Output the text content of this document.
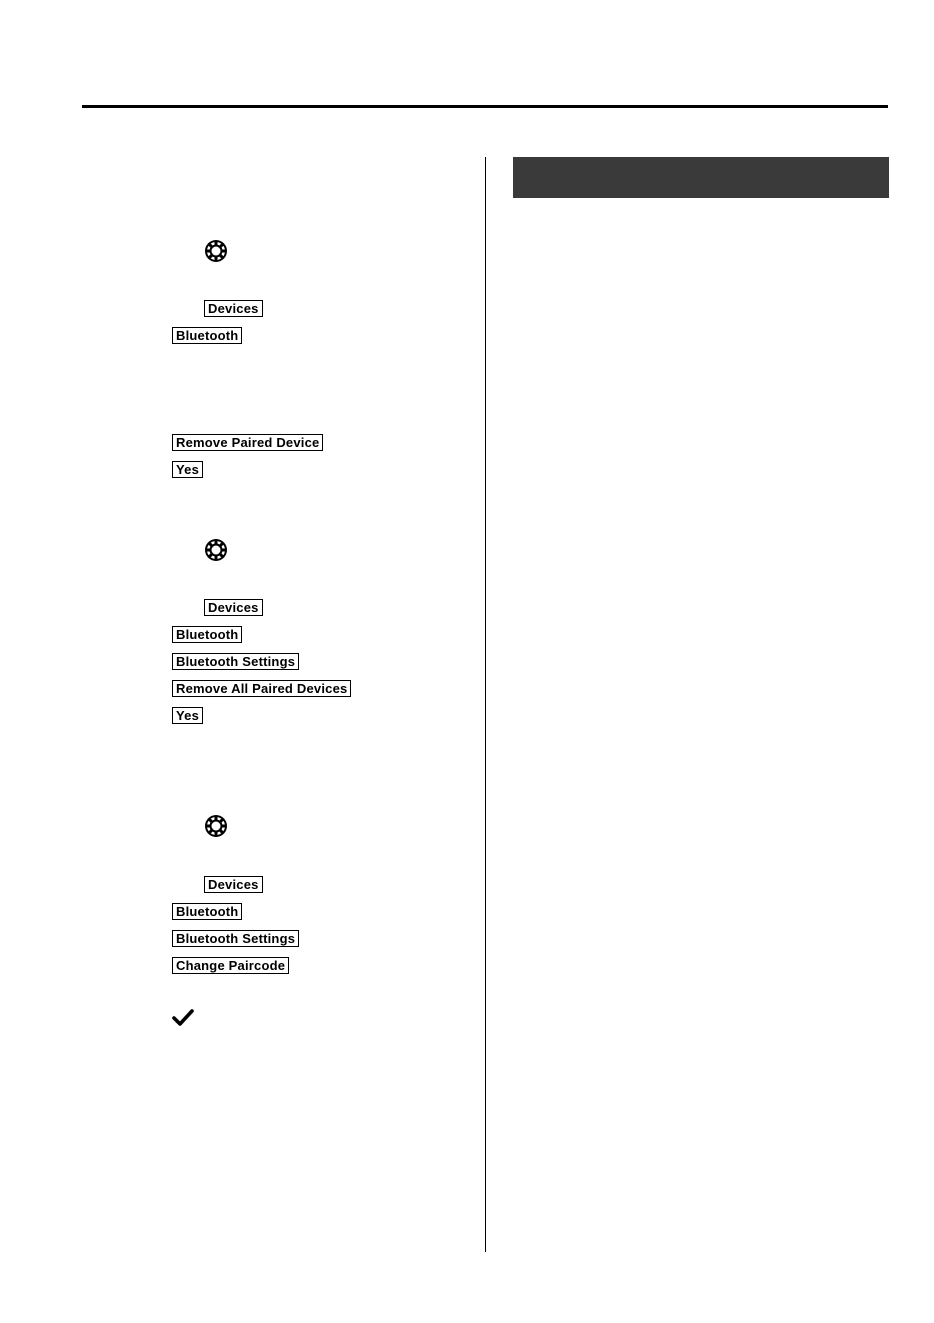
Devices
Bluetooth
Remove Paired Device
Yes
Devices
Bluetooth
Bluetooth Settings
Remove All Paired Devices
Yes
Devices
Bluetooth
Bluetooth Settings
Change Paircode
